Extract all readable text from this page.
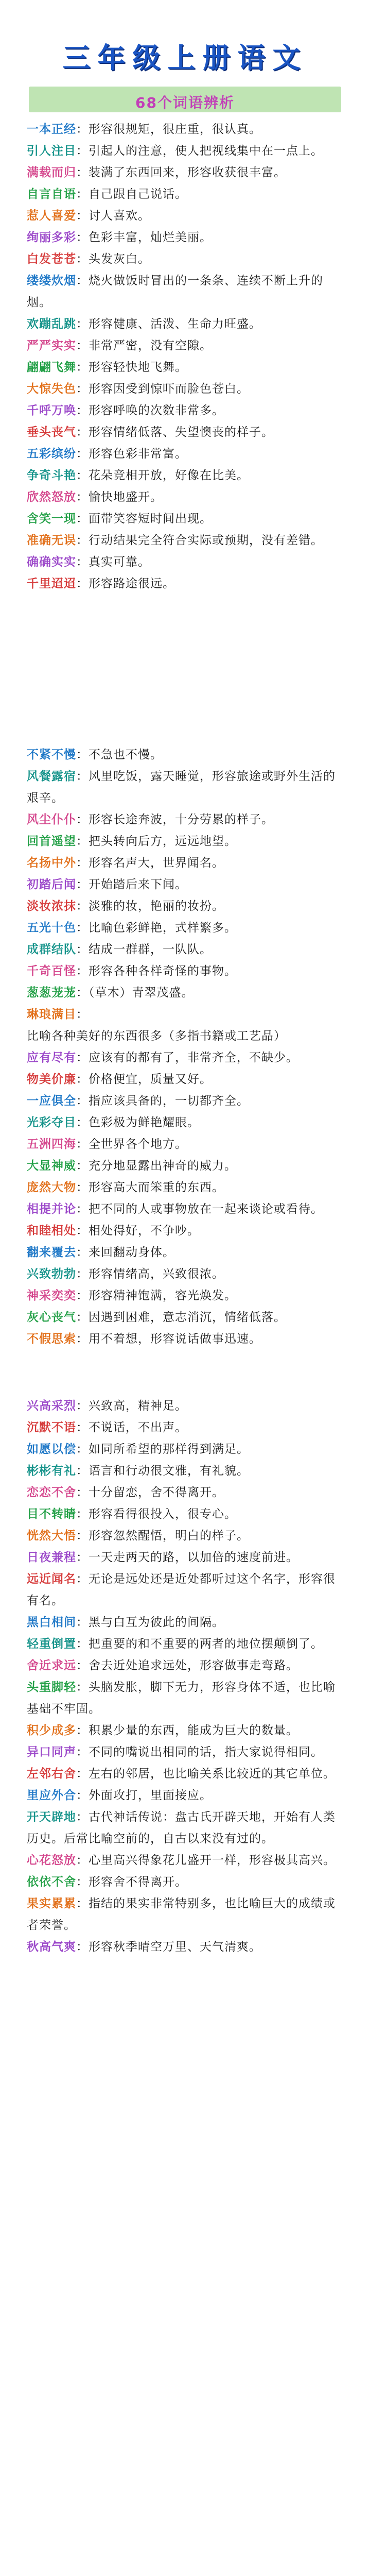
三年级上册语文
68个词语辨析
一本正经：形容很规矩，很庄重，很认真。
引人注目：引起人的注意，使人把视线集中在一点上。
满载而归：装满了东西回来，形容收获很丰富。
自言自语：自己跟自己说话。
惹人喜爱：讨人喜欢。
绚丽多彩：色彩丰富，灿烂美丽。
白发苍苍：头发灰白。
缕缕炊烟：烧火做饭时冒出的一条条、连续不断上升的烟。
欢蹦乱跳：形容健康、活泼、生命力旺盛。
严严实实：非常严密，没有空隙。
翩翩飞舞：形容轻快地飞舞。
大惊失色：形容因受到惊吓而脸色苍白。
千呼万唤：形容呼唤的次数非常多。
垂头丧气：形容情绪低落、失望懊丧的样子。
五彩缤纷：形容色彩非常富。
争奇斗艳：花朵竞相开放，好像在比美。
欣然怒放：愉快地盛开。
含笑一现：面带笑容短时间出现。
准确无误：行动结果完全符合实际或预期，没有差错。
确确实实：真实可靠。
千里迢迢：形容路途很远。
不紧不慢：不急也不慢。
风餐露宿：风里吃饭，露天睡觉，形容旅途或野外生活的艰辛。
风尘仆仆：形容长途奔波，十分劳累的样子。
回首遥望：把头转向后方，远远地望。
名扬中外：形容名声大，世界闻名。
初踏后闻：开始踏后来下闻。
淡妆浓抹：淡雅的妆，艳丽的妆扮。
五光十色：比喻色彩鲜艳，式样繁多。
成群结队：结成一群群，一队队。
千奇百怪：形容各种各样奇怪的事物。
葱葱茏茏：（草木）青翠茂盛。
琳琅满目：比喻各种美好的东西很多（多指书籍或工艺品）
应有尽有：应该有的都有了，非常齐全，不缺少。
物美价廉：价格便宜，质量又好。
一应俱全：指应该具备的，一切都齐全。
光彩夺目：色彩极为鲜艳耀眼。
五洲四海：全世界各个地方。
大显神威：充分地显露出神奇的威力。
庞然大物：形容高大而笨重的东西。
相提并论：把不同的人或事物放在一起来谈论或看待。
和睦相处：相处得好，不争吵。
翻来覆去：来回翻动身体。
兴致勃勃：形容情绪高，兴致很浓。
神采奕奕：形容精神饱满，容光焕发。
灰心丧气：因遇到困难，意志消沉，情绪低落。
不假思索：用不着想，形容说话做事迅速。
兴高采烈：兴致高，精神足。
沉默不语：不说话，不出声。
如愿以偿：如同所希望的那样得到满足。
彬彬有礼：语言和行动很文雅，有礼貌。
恋恋不舍：十分留恋，舍不得离开。
目不转睛：形容看得很投入，很专心。
恍然大悟：形容忽然醒悟，明白的样子。
日夜兼程：一天走两天的路，以加倍的速度前进。
远近闻名：无论是远处还是近处都听过这个名字，形容很有名。
黑白相间：黑与白互为彼此的间隔。
轻重倒置：把重要的和不重要的两者的地位摆颠倒了。
舍近求远：舍去近处追求远处，形容做事走弯路。
头重脚轻：头脑发胀，脚下无力，形容身体不适，也比喻基础不牢固。
积少成多：积累少量的东西，能成为巨大的数量。
异口同声：不同的嘴说出相同的话，指大家说得相同。
左邻右舍：左右的邻居，也比喻关系比较近的其它单位。
里应外合：外面攻打，里面接应。
开天辟地：古代神话传说：盘古氏开辟天地，开始有人类历史。后常比喻空前的，自古以来没有过的。
心花怒放：心里高兴得象花儿盛开一样，形容极其高兴。
依依不舍：形容舍不得离开。
果实累累：指结的果实非常特别多，也比喻巨大的成绩或者荣誉。
秋高气爽：形容秋季晴空万里、天气清爽。
